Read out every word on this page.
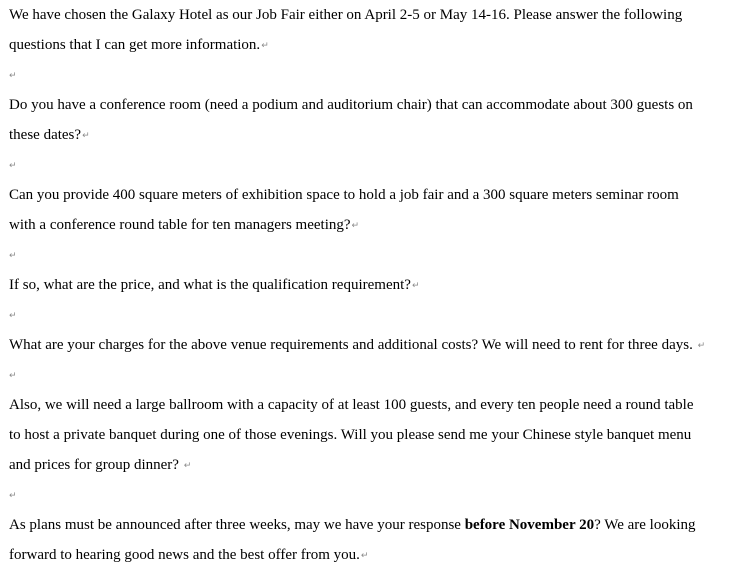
We have chosen the Galaxy Hotel as our Job Fair either on April 2-5 or May 14-16. Please answer the following
questions that I can get more information.↵
↵
Do you have a conference room (need a podium and auditorium chair) that can accommodate about 300 guests on
these dates?↵
↵
Can you provide 400 square meters of exhibition space to hold a job fair and a 300 square meters seminar room
with a conference round table for ten managers meeting?↵
↵
If so, what are the price, and what is the qualification requirement?↵
↵
What are your charges for the above venue requirements and additional costs? We will need to rent for three days. ↵
↵
Also, we will need a large ballroom with a capacity of at least 100 guests, and every ten people need a round table
to host a private banquet during one of those evenings. Will you please send me your Chinese style banquet menu
and prices for group dinner? ↵
↵
As plans must be announced after three weeks, may we have your response before November 20? We are looking
forward to hearing good news and the best offer from you.↵
